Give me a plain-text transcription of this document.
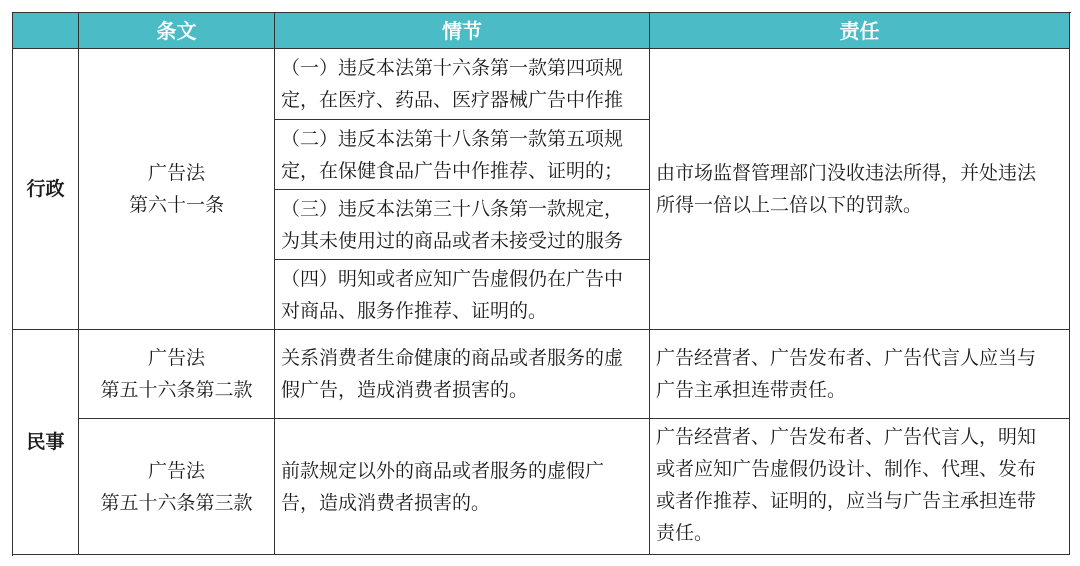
条文	情节	责任
行政
广告法
第六十一条
（一）违反本法第十六条第一款第四项规
定，在医疗、药品、医疗器械广告中作推
（二）违反本法第十八条第一款第五项规
定，在保健食品广告中作推荐、证明的；
（三）违反本法第三十八条第一款规定，
为其未使用过的商品或者未接受过的服务
（四）明知或者应知广告虚假仍在广告中
对商品、服务作推荐、证明的。
由市场监督管理部门没收违法所得，并处违法
所得一倍以上二倍以下的罚款。
民事
广告法
第五十六条第二款
关系消费者生命健康的商品或者服务的虚
假广告，造成消费者损害的。
广告经营者、广告发布者、广告代言人应当与
广告主承担连带责任。
广告法
第五十六条第三款
前款规定以外的商品或者服务的虚假广
告，造成消费者损害的。
广告经营者、广告发布者、广告代言人，明知
或者应知广告虚假仍设计、制作、代理、发布
或者作推荐、证明的，应当与广告主承担连带
责任。
